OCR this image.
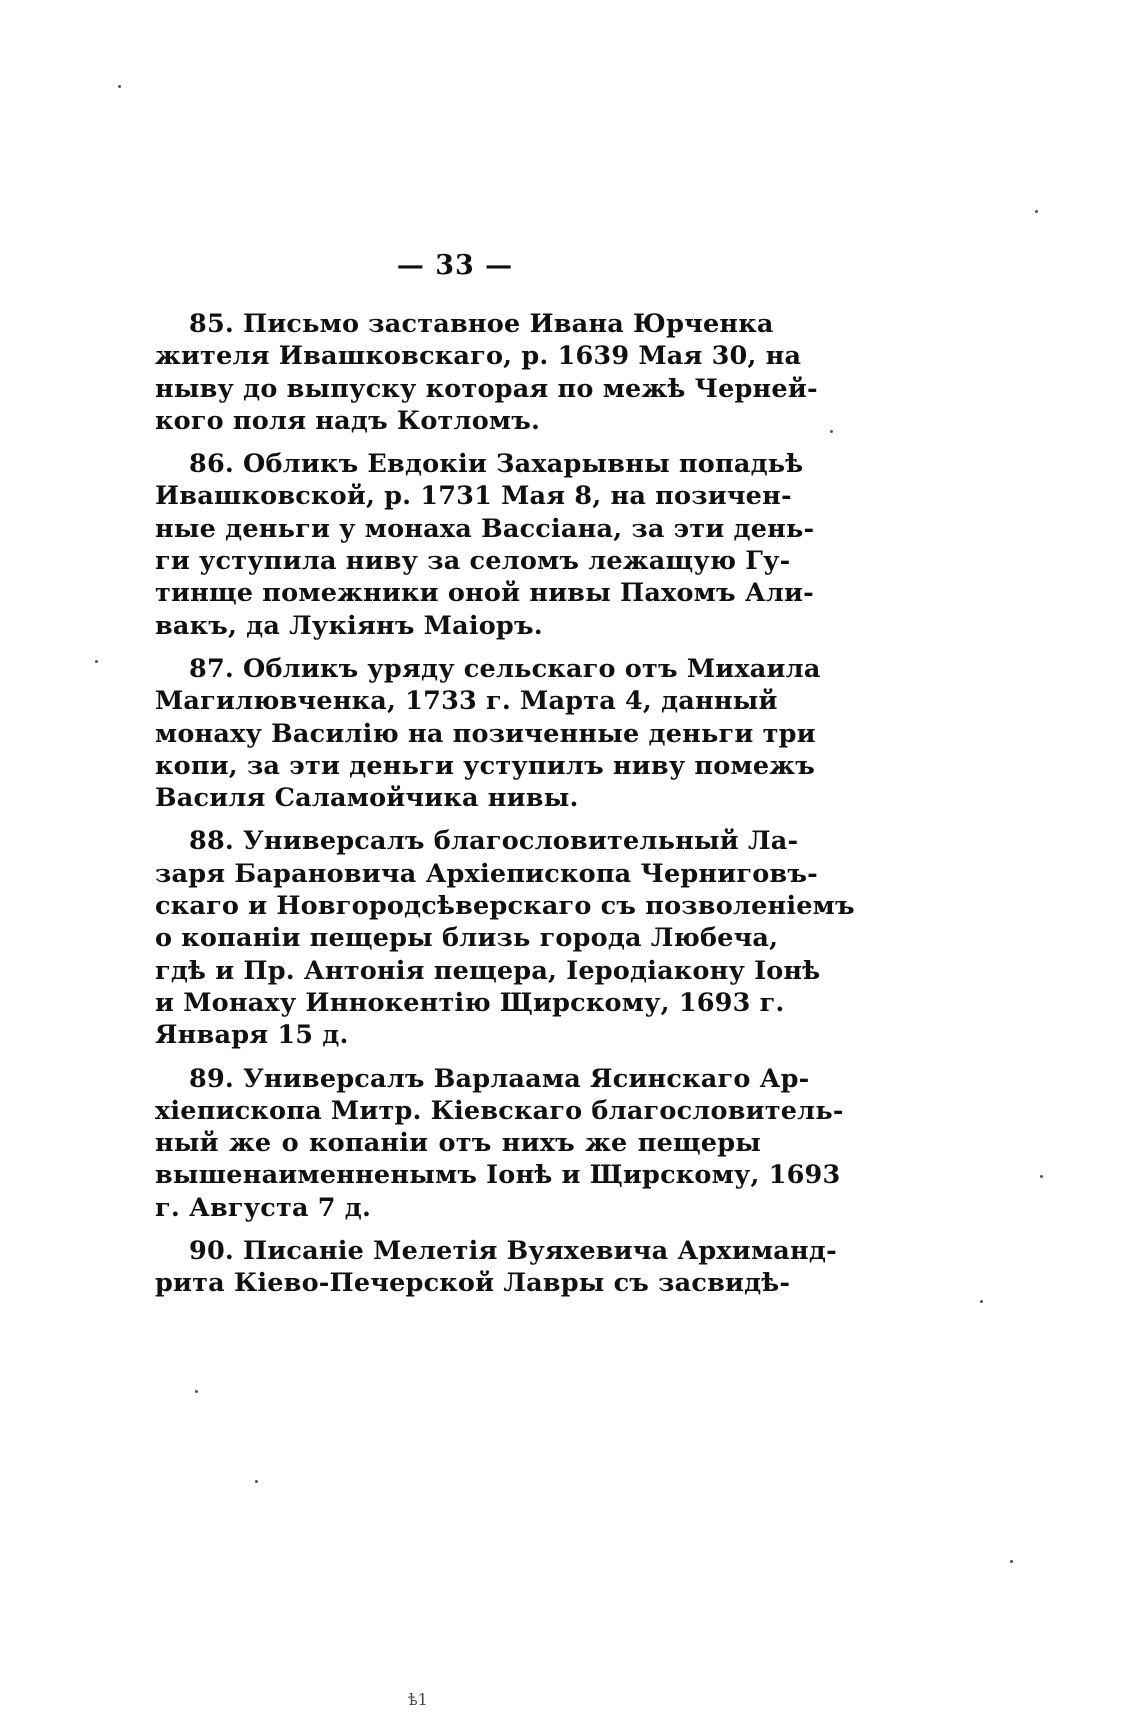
— 33 —
85. Письмо заставное Ивана Юрченка
жителя Ивашковскаго, р. 1639 Мая 30, на
ныву до выпуску которая по межѣ Черней-
кого поля надъ Котломъ.
86. Обликъ Евдокіи Захарывны попадьѣ
Ивашковской, р. 1731 Мая 8, на позичен-
ные деньги у монаха Вассіана, за эти день-
ги уступила ниву за селомъ лежащую Гу-
тинще помежники оной нивы Пахомъ Али-
вакъ, да Лукіянъ Маіоръ.
87. Обликъ уряду сельскаго отъ Михаила
Магилювченка, 1733 г. Марта 4, данный
монаху Василію на позиченные деньги три
копи, за эти деньги уступилъ ниву помежъ
Василя Саламойчика нивы.
88. Универсалъ благословительный Ла-
заря Барановича Архіепископа Черниговъ-
скаго и Новгородсѣверскаго съ позволеніемъ
о копаніи пещеры близь города Любеча,
гдѣ и Пр. Антонія пещера, Іеродіакону Іонѣ
и Монаху Иннокентію Щирскому, 1693 г.
Января 15 д.
89. Универсалъ Варлаама Ясинскаго Ар-
хіепископа Митр. Кіевскаго благословитель-
ный же о копаніи отъ нихъ же пещеры
вышенаименненымъ Іонѣ и Щирскому, 1693
г. Августа 7 д.
90. Писаніе Мелетія Вуяхевича Архиманд-
рита Кіево-Печерской Лавры съ засвидѣ-
ѣ1
